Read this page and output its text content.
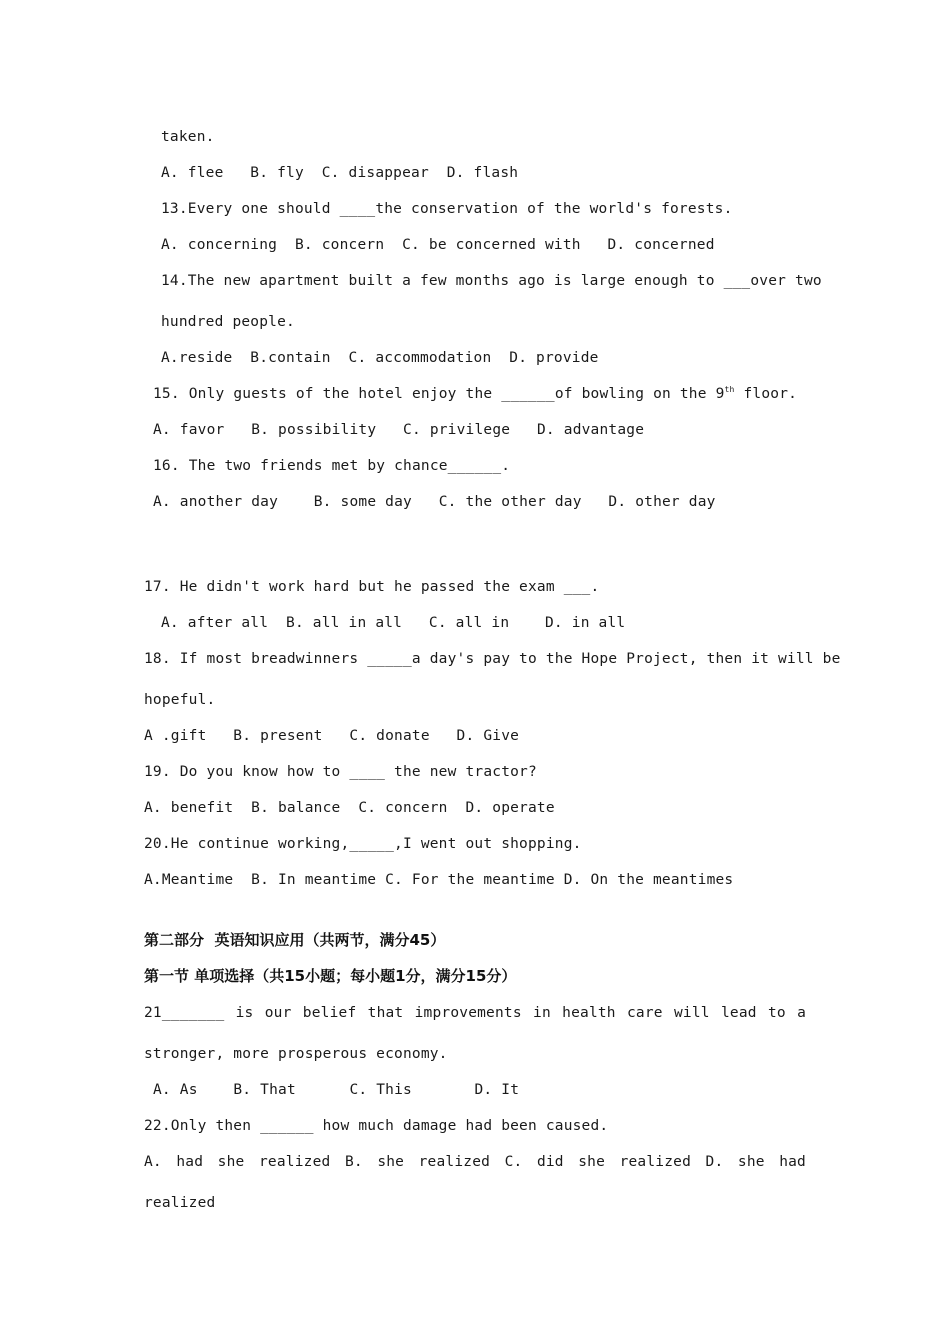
taken.
A. flee   B. fly  C. disappear  D. flash
13.Every one should ____the conservation of the world's forests.
A. concerning  B. concern  C. be concerned with   D. concerned
14.The new apartment built a few months ago is large enough to ___over two
hundred people.
A.reside  B.contain  C. accommodation  D. provide
15. Only guests of the hotel enjoy the ______of bowling on the 9th floor.
A. favor   B. possibility   C. privilege   D. advantage
16. The two friends met by chance______.
A. another day    B. some day   C. the other day   D. other day
17. He didn't work hard but he passed the exam ___.
A. after all  B. all in all   C. all in    D. in all
18. If most breadwinners _____a day's pay to the Hope Project, then it will be
hopeful.
A .gift   B. present   C. donate   D. Give
19. Do you know how to ____ the new tractor?
A. benefit  B. balance  C. concern  D. operate
20.He continue working,_____,I went out shopping.
A.Meantime  B. In meantime C. For the meantime D. On the meantimes
第二部分  英语知识应用（共两节，满分45）
第一节 单项选择（共15小题；每小题1分，满分15分）
21_______ is our belief that improvements in health care will lead to a
stronger, more prosperous economy.
A. As    B. That      C. This       D. It
22.Only then ______ how much damage had been caused.
A. had she realized B. she realized C. did she realized D. she had
realized
